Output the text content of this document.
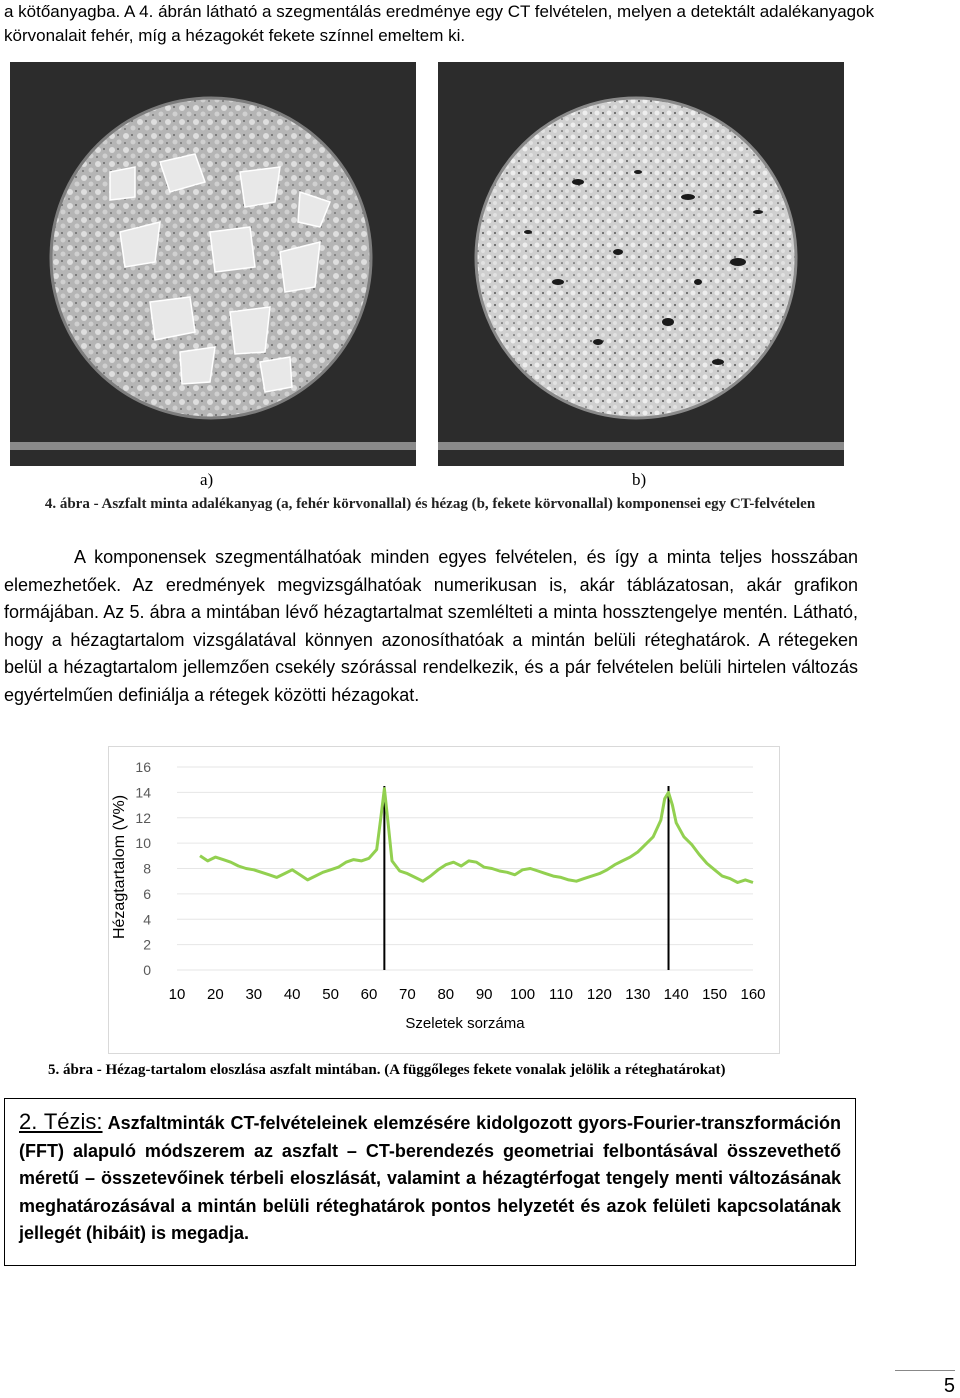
a kötőanyagba. A 4. ábrán látható a szegmentálás eredménye egy CT felvételen, melyen a detektált adalékanyagok körvonalait fehér, míg a hézagokét fekete színnel emeltem ki.
a)	b)
4. ábra - Aszfalt minta adalékanyag (a, fehér körvonallal) és hézag (b, fekete körvonallal) komponensei egy CT-felvételen
A komponensek szegmentálhatóak minden egyes felvételen, és így a minta teljes hosszában elemezhetőek. Az eredmények megvizsgálhatóak numerikusan is, akár táblázatosan, akár grafikon formájában. Az 5. ábra a mintában lévő hézagtartalmat szemlélteti a minta hossztengelye mentén. Látható, hogy a hézagtartalom vizsgálatával könnyen azonosíthatóak a mintán belüli réteghatárok. A rétegeken belül a hézagtartalom jellemzően csekély szórással rendelkezik, és a pár felvételen belüli hirtelen változás egyértelműen definiálja a rétegek közötti hézagokat.
0
2
4
6
8
10
12
14
16
10 20 30 40 50 60 70 80 90 100 110 120 130 140 150 160
Szeletek sorzáma
Hézagtartalom (V%)
5. ábra - Hézag-tartalom eloszlása aszfalt mintában. (A függőleges fekete vonalak jelölik a réteghatárokat)
2. Tézis: Aszfaltminták CT-felvételeinek elemzésére kidolgozott gyors-Fourier-transzformáción (FFT) alapuló módszerem az aszfalt – CT-berendezés geometriai felbontásával összevethető méretű – összetevőinek térbeli eloszlását, valamint a hézagtérfogat tengely menti változásának meghatározásával a mintán belüli réteghatárok pontos helyzetét és azok felületi kapcsolatának jellegét (hibáit) is megadja.
5
